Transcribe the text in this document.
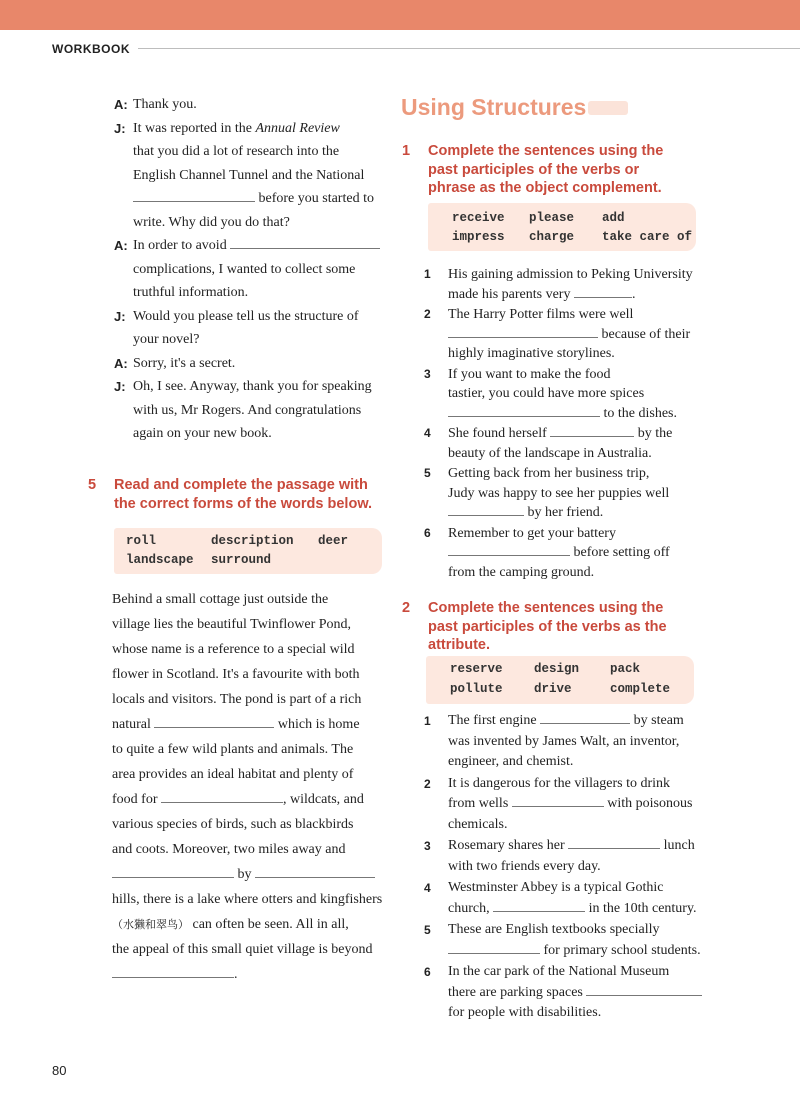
WORKBOOK
A: Thank you.
J: It was reported in the Annual Review
that you did a lot of research into the
English Channel Tunnel and the National
before you started to
write. Why did you do that?
A: In order to avoid
complications, I wanted to collect some
truthful information.
J: Would you please tell us the structure of
your novel?
A: Sorry, it's a secret.
J: Oh, I see. Anyway, thank you for speaking
with us, Mr Rogers. And congratulations
again on your new book.
5	Read and complete the passage with
the correct forms of the words below.
roll	description deer
landscape surround

Behind a small cottage just outside the
village lies the beautiful Twinflower Pond,
whose name is a reference to a special wild
flower in Scotland. It's a favourite with both
locals and visitors. The pond is part of a rich
natural	which is home
to quite a few wild plants and animals. The
area provides an ideal habitat and plenty of
food for	, wildcats, and
various species of birds, such as blackbirds
and coots. Moreover, two miles away and
by
hills, there is a lake where otters and kingfishers
（水獭和翠鸟） can often be seen. All in all,
the appeal of this small quiet village is beyond
.

Using Structures
1	Complete the sentences using the
past participles of the verbs or
phrase as the object complement.
receive please add
impress charge take care of
1 His gaining admission to Peking University
made his parents very	.
2 The Harry Potter films were well
because of their
highly imaginative storylines.
3 If you want to make the food
tastier, you could have more spices
to the dishes.
4 She found herself	by the
beauty of the landscape in Australia.
5 Getting back from her business trip,
Judy was happy to see her puppies well
by her friend.
6 Remember to get your battery
before setting off
from the camping ground.
2	Complete the sentences using the
past participles of the verbs as the
attribute.
reserve	design pack
pollute	drive	complete
1 The first engine	by steam
was invented by James Walt, an inventor,
engineer, and chemist.
2 It is dangerous for the villagers to drink
from wells	with poisonous
chemicals.
3 Rosemary shares her	lunch
with two friends every day.
4 Westminster Abbey is a typical Gothic
church,	in the 10th century.
5 These are English textbooks specially
for primary school students.
6 In the car park of the National Museum
there are parking spaces
for people with disabilities.
80
